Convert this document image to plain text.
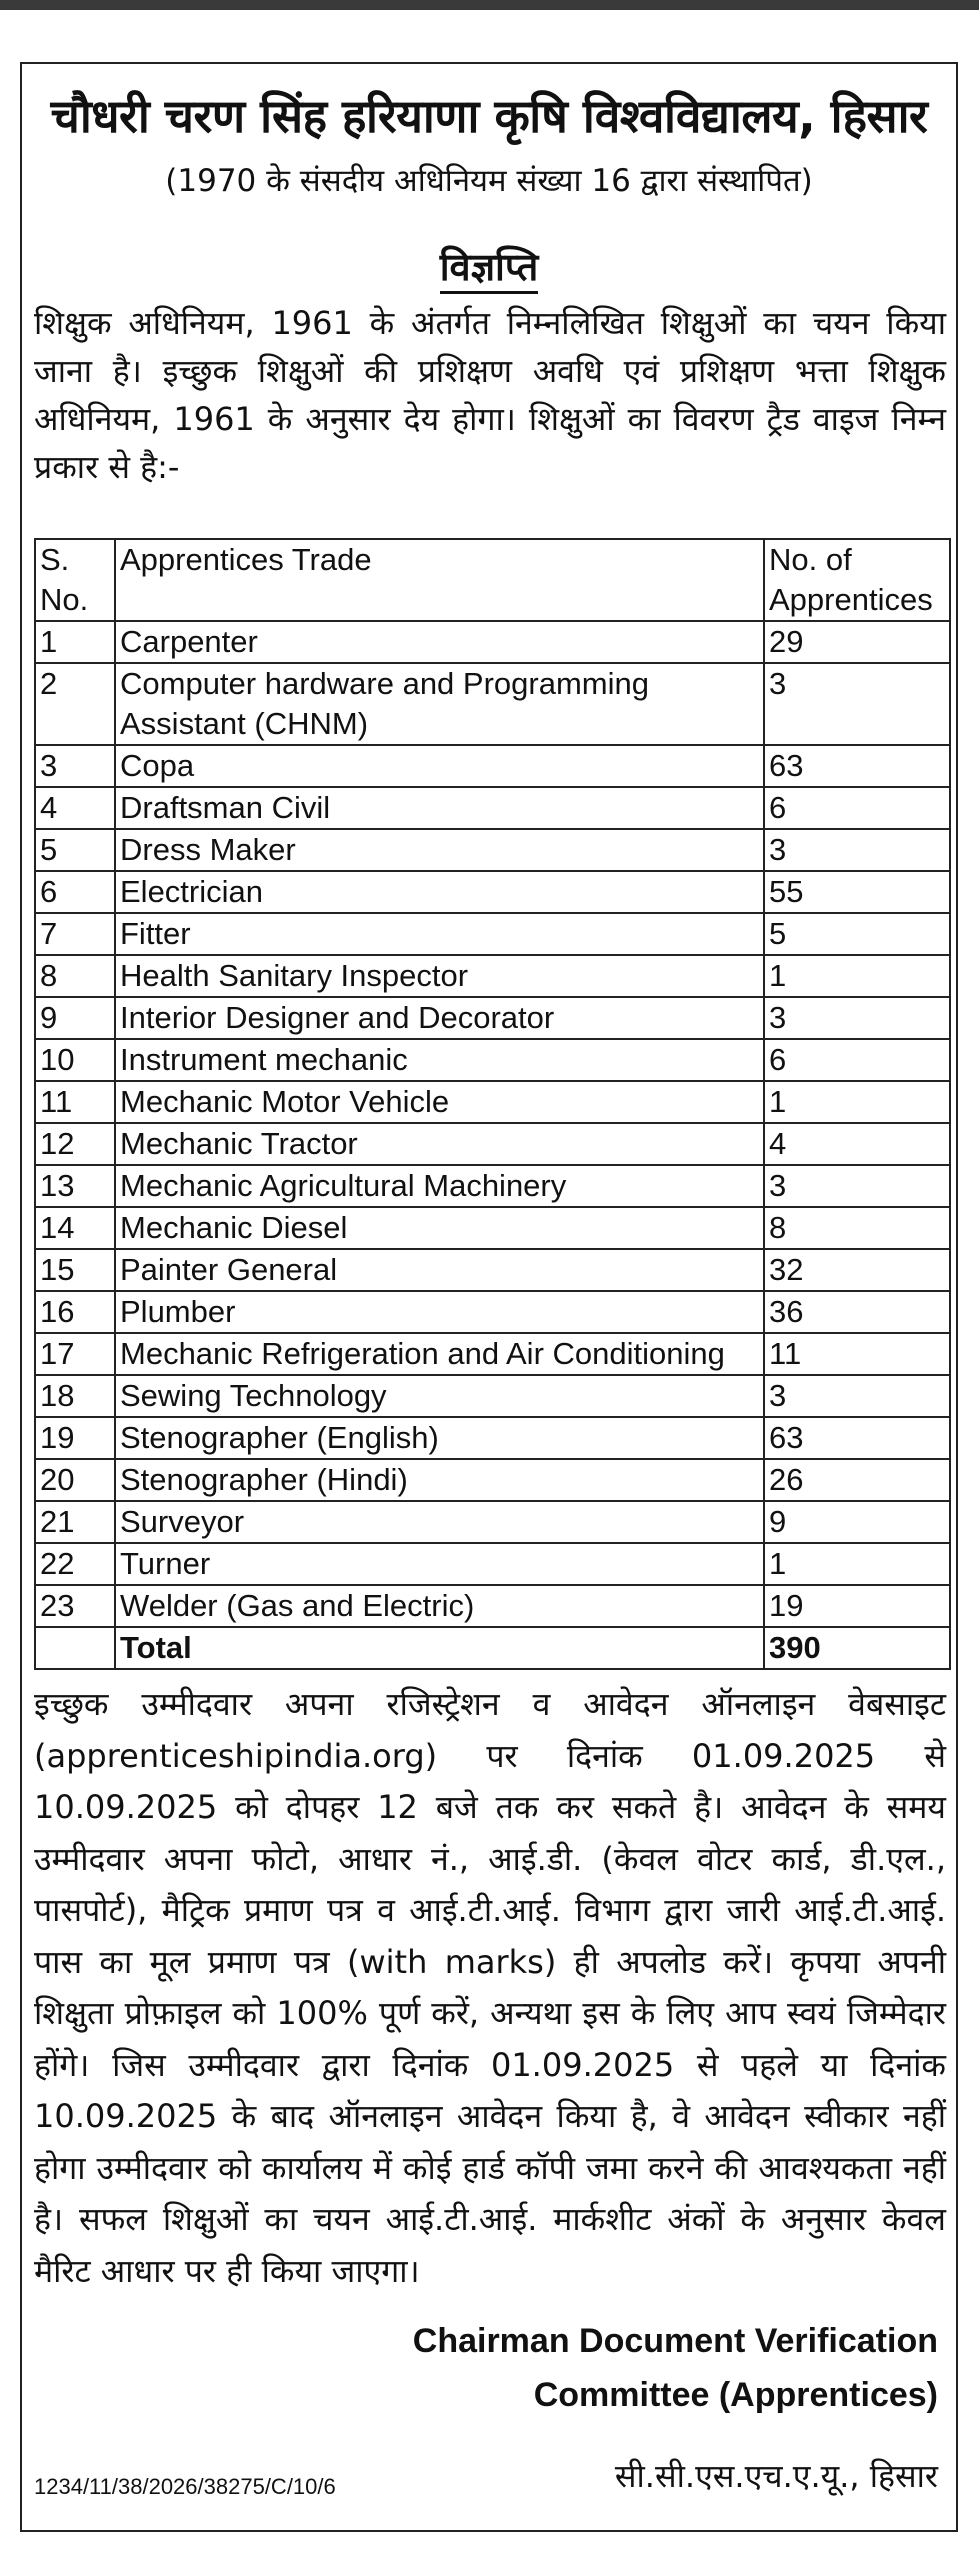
चौधरी चरण सिंह हरियाणा कृषि विश्वविद्यालय, हिसार
(1970 के संसदीय अधिनियम संख्या 16 द्वारा संस्थापित)
विज्ञप्ति

शिक्षुक अधिनियम, 1961 के अंतर्गत निम्नलिखित शिक्षुओं का चयन किया जाना है। इच्छुक शिक्षुओं की प्रशिक्षण अवधि एवं प्रशिक्षण भत्ता शिक्षुक अधिनियम, 1961 के अनुसार देय होगा। शिक्षुओं का विवरण ट्रैड वाइज निम्न प्रकार से है:-

S. No.	Apprentices Trade	No. of Apprentices
1	Carpenter	29
2	Computer hardware and Programming Assistant (CHNM)	3
3	Copa	63
4	Draftsman Civil	6
5	Dress Maker	3
6	Electrician	55
7	Fitter	5
8	Health Sanitary Inspector	1
9	Interior Designer and Decorator	3
10	Instrument mechanic	6
11	Mechanic Motor Vehicle	1
12	Mechanic Tractor	4
13	Mechanic Agricultural Machinery	3
14	Mechanic Diesel	8
15	Painter General	32
16	Plumber	36
17	Mechanic Refrigeration and Air Conditioning	11
18	Sewing Technology	3
19	Stenographer (English)	63
20	Stenographer (Hindi)	26
21	Surveyor	9
22	Turner	1
23	Welder (Gas and Electric)	19
	Total	390

इच्छुक उम्मीदवार अपना रजिस्ट्रेशन व आवेदन ऑनलाइन वेबसाइट (apprenticeshipindia.org) पर दिनांक 01.09.2025 से 10.09.2025 को दोपहर 12 बजे तक कर सकते है। आवेदन के समय उम्मीदवार अपना फोटो, आधार नं., आई.डी. (केवल वोटर कार्ड, डी.एल., पासपोर्ट), मैट्रिक प्रमाण पत्र व आई.टी.आई. विभाग द्वारा जारी आई.टी.आई. पास का मूल प्रमाण पत्र (with marks) ही अपलोड करें। कृपया अपनी शिक्षुता प्रोफ़ाइल को 100% पूर्ण करें, अन्यथा इस के लिए आप स्वयं जिम्मेदार होंगे। जिस उम्मीदवार द्वारा दिनांक 01.09.2025 से पहले या दिनांक 10.09.2025 के बाद ऑनलाइन आवेदन किया है, वे आवेदन स्वीकार नहीं होगा उम्मीदवार को कार्यालय में कोई हार्ड कॉपी जमा करने की आवश्यकता नहीं है। सफल शिक्षुओं का चयन आई.टी.आई. मार्कशीट अंकों के अनुसार केवल मैरिट आधार पर ही किया जाएगा।

Chairman Document Verification
Committee (Apprentices)
1234/11/38/2026/38275/C/10/6	सी.सी.एस.एच.ए.यू., हिसार
